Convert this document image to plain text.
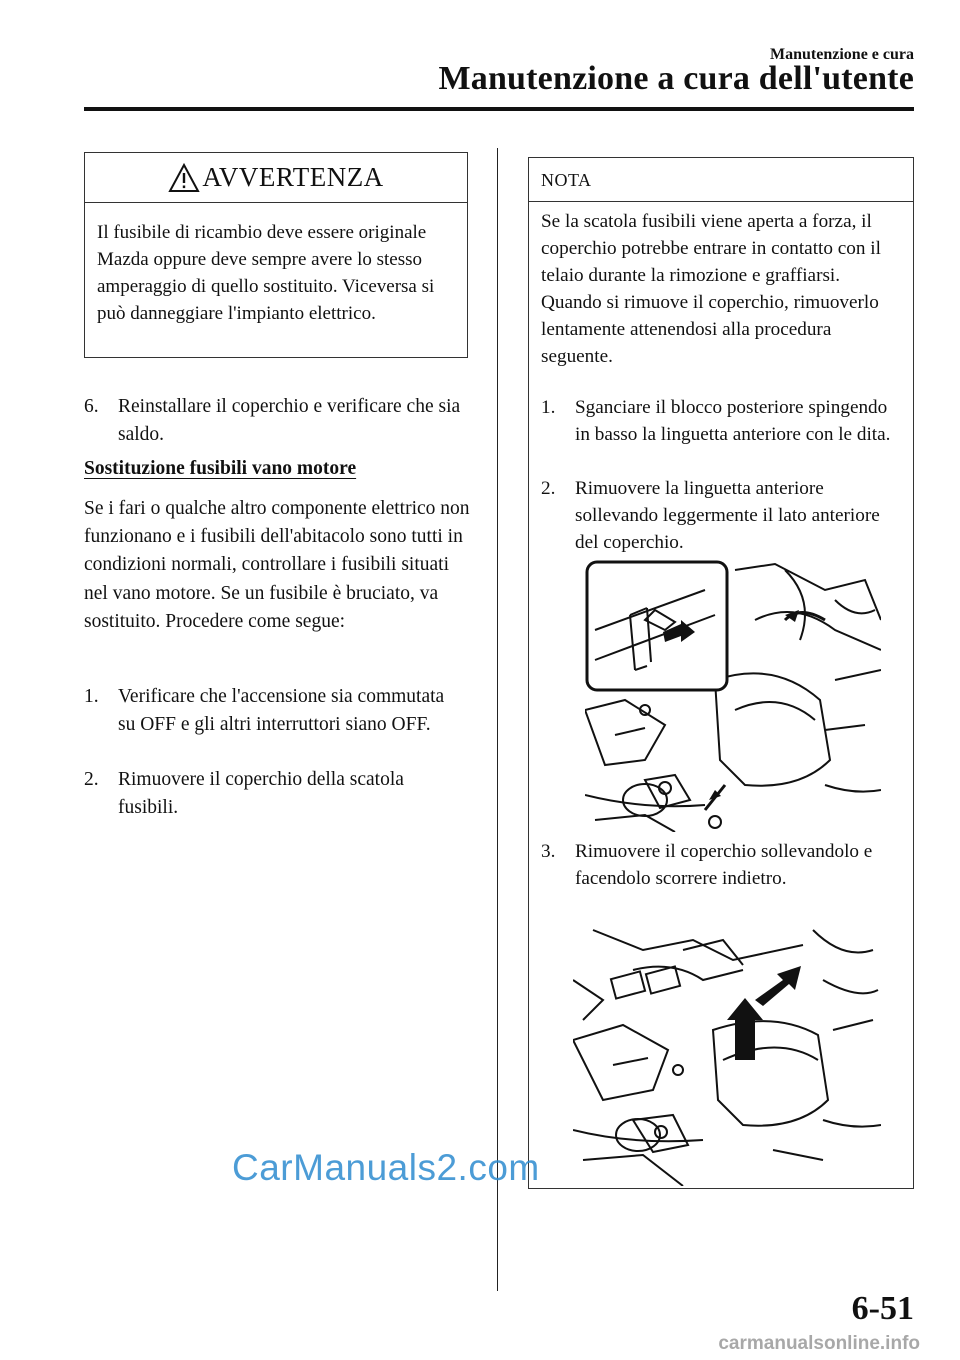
Manutenzione e cura
Manutenzione a cura dell'utente
AVVERTENZA
Il fusibile di ricambio deve essere originale Mazda oppure deve sempre avere lo stesso amperaggio di quello sostituito. Viceversa si può danneggiare l'impianto elettrico.
6. Reinstallare il coperchio e verificare che sia saldo.
Sostituzione fusibili vano motore
Se i fari o qualche altro componente elettrico non funzionano e i fusibili dell'abitacolo sono tutti in condizioni normali, controllare i fusibili situati nel vano motore. Se un fusibile è bruciato, va sostituito. Procedere come segue:
1. Verificare che l'accensione sia commutata su OFF e gli altri interruttori siano OFF.
2. Rimuovere il coperchio della scatola fusibili.
NOTA
Se la scatola fusibili viene aperta a forza, il coperchio potrebbe entrare in contatto con il telaio durante la rimozione e graffiarsi.
Quando si rimuove il coperchio, rimuoverlo lentamente attenendosi alla procedura seguente.
1.	Sganciare il blocco posteriore spingendo in basso la linguetta anteriore con le dita.
2.	Rimuovere la linguetta anteriore sollevando leggermente il lato anteriore del coperchio.
3.	Rimuovere il coperchio sollevandolo e facendolo scorrere indietro.
CarManuals2.com
6-51
carmanualsonline.info
